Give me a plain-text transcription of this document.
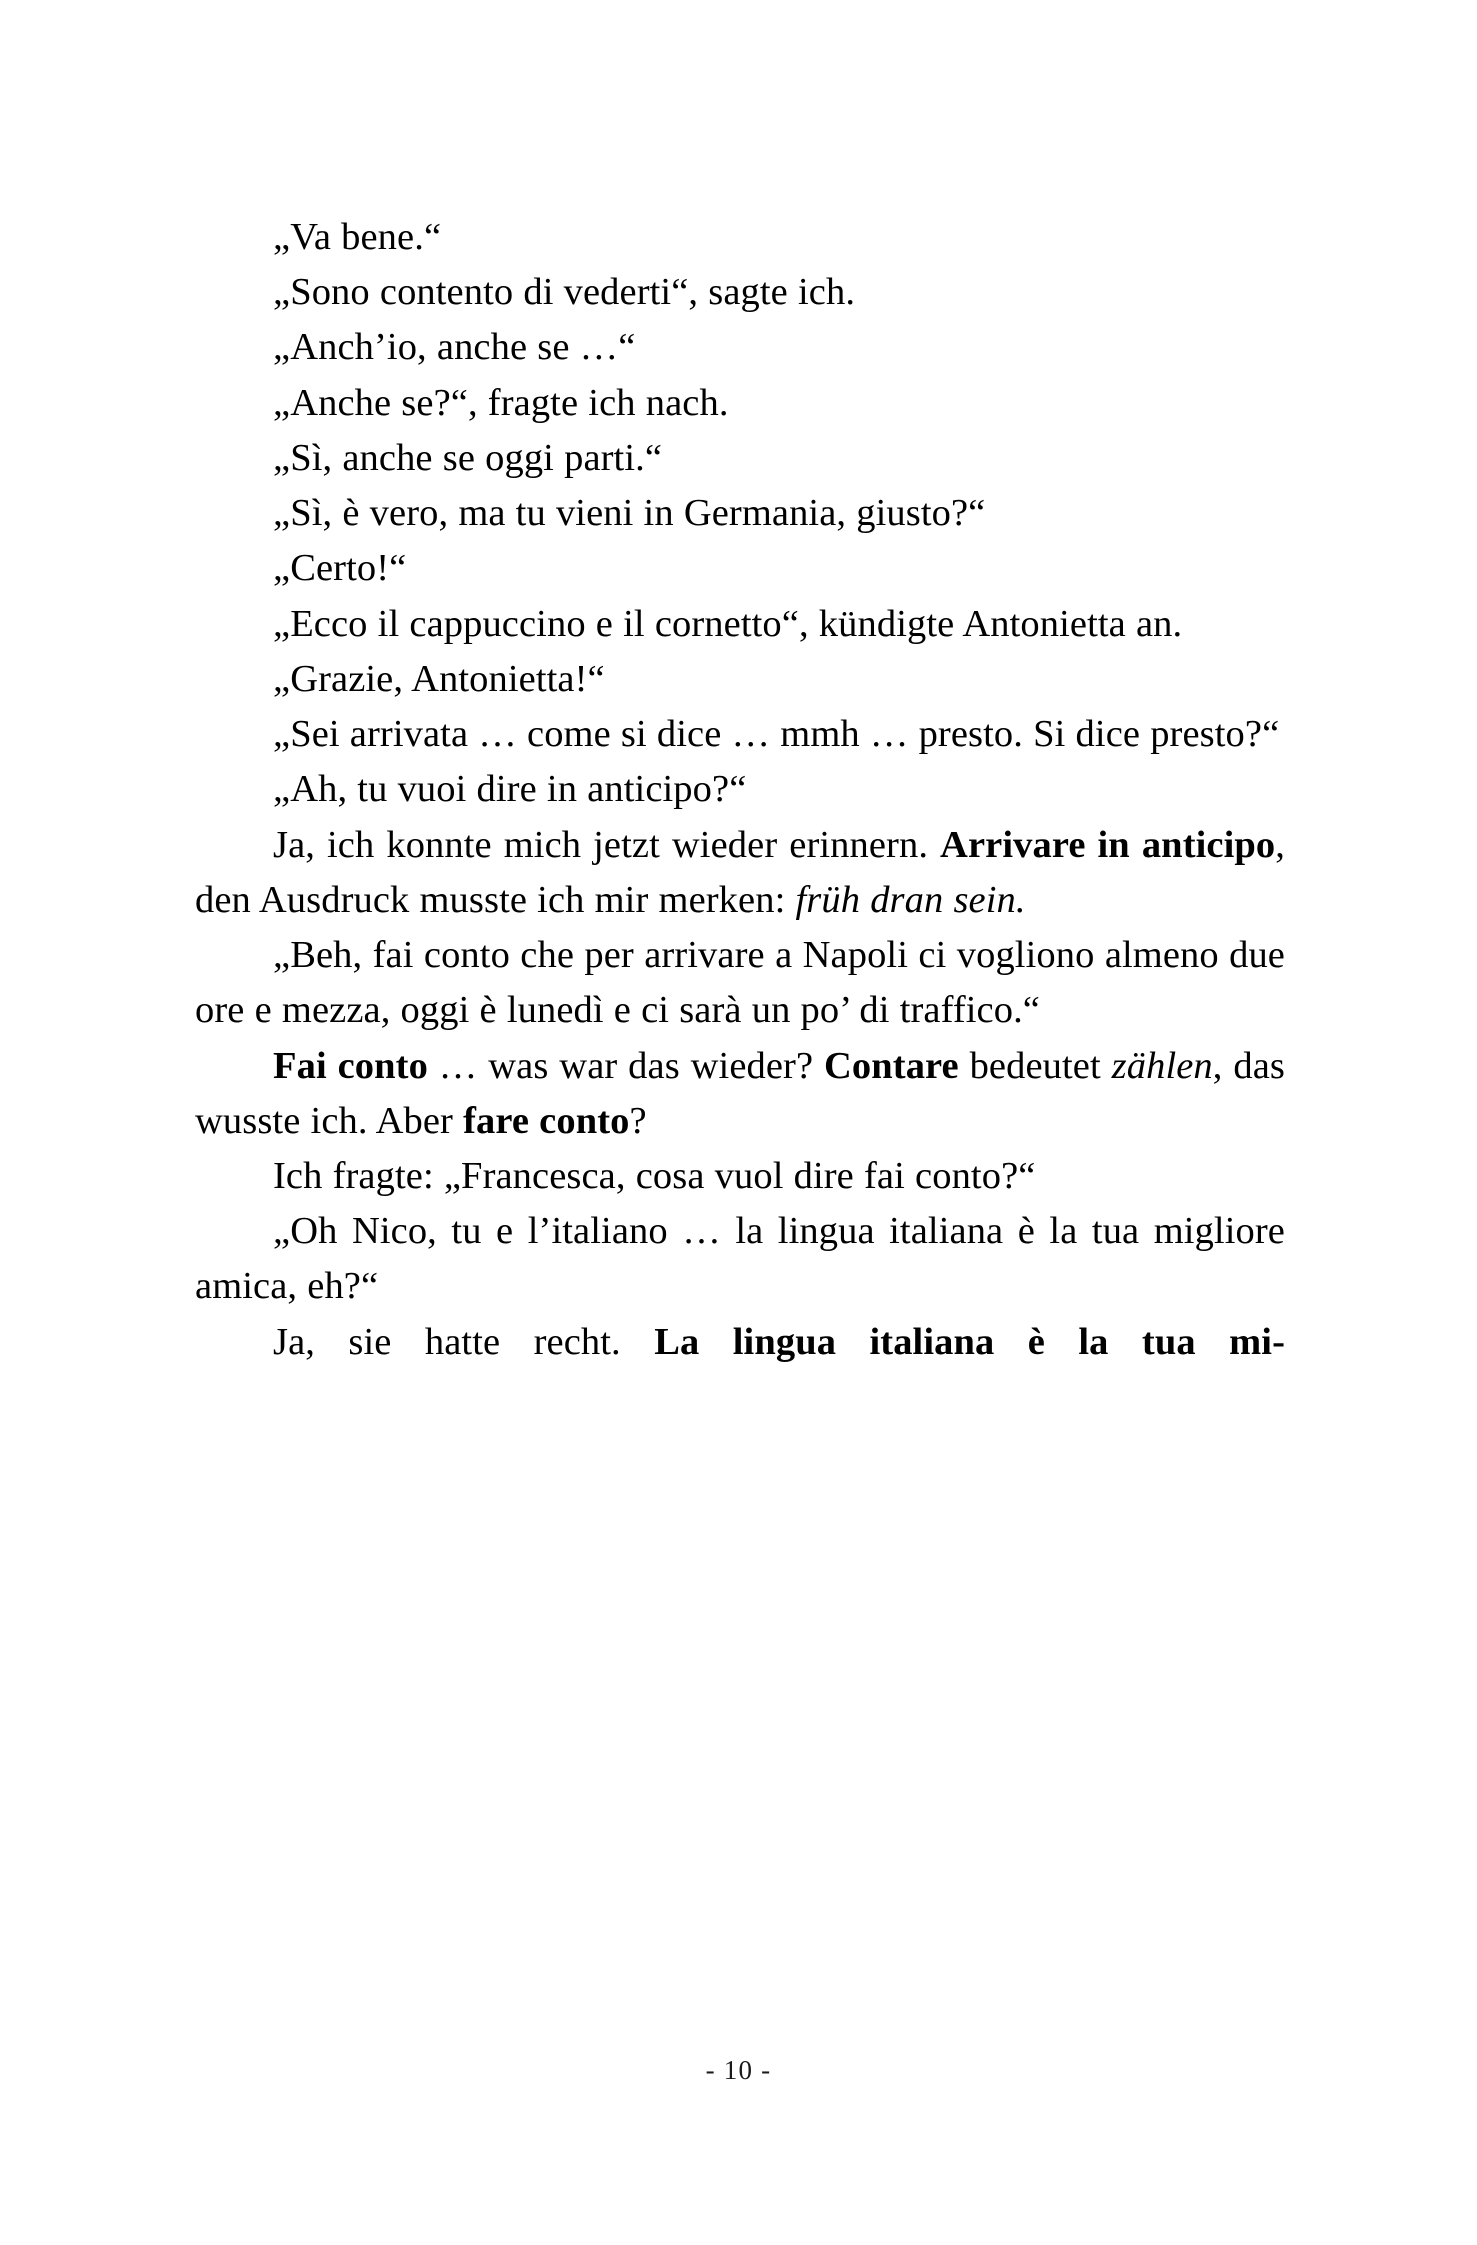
„Va bene.“

„Sono contento di vederti“, sagte ich.

„Anch’io, anche se …“

„Anche se?“, fragte ich nach.

„Sì, anche se oggi parti.“

„Sì, è vero, ma tu vieni in Germania, giusto?“

„Certo!“

„Ecco il cappuccino e il cornetto“, kündigte Antonietta an.

„Grazie, Antonietta!“

„Sei arrivata … come si dice … mmh … presto. Si dice presto?“

„Ah, tu vuoi dire in anticipo?“

Ja, ich konnte mich jetzt wieder erinnern. Arrivare in anticipo, den Ausdruck musste ich mir merken: früh dran sein.

„Beh, fai conto che per arrivare a Napoli ci vogliono almeno due ore e mezza, oggi è lunedì e ci sarà un po’ di traffico.“

Fai conto … was war das wieder? Contare bedeutet zählen, das wusste ich. Aber fare conto?

Ich fragte: „Francesca, cosa vuol dire fai conto?“

„Oh Nico, tu e l’italiano … la lingua italiana è la tua migliore amica, eh?“

Ja, sie hatte recht. La lingua italiana è la tua mi-

- 10 -
